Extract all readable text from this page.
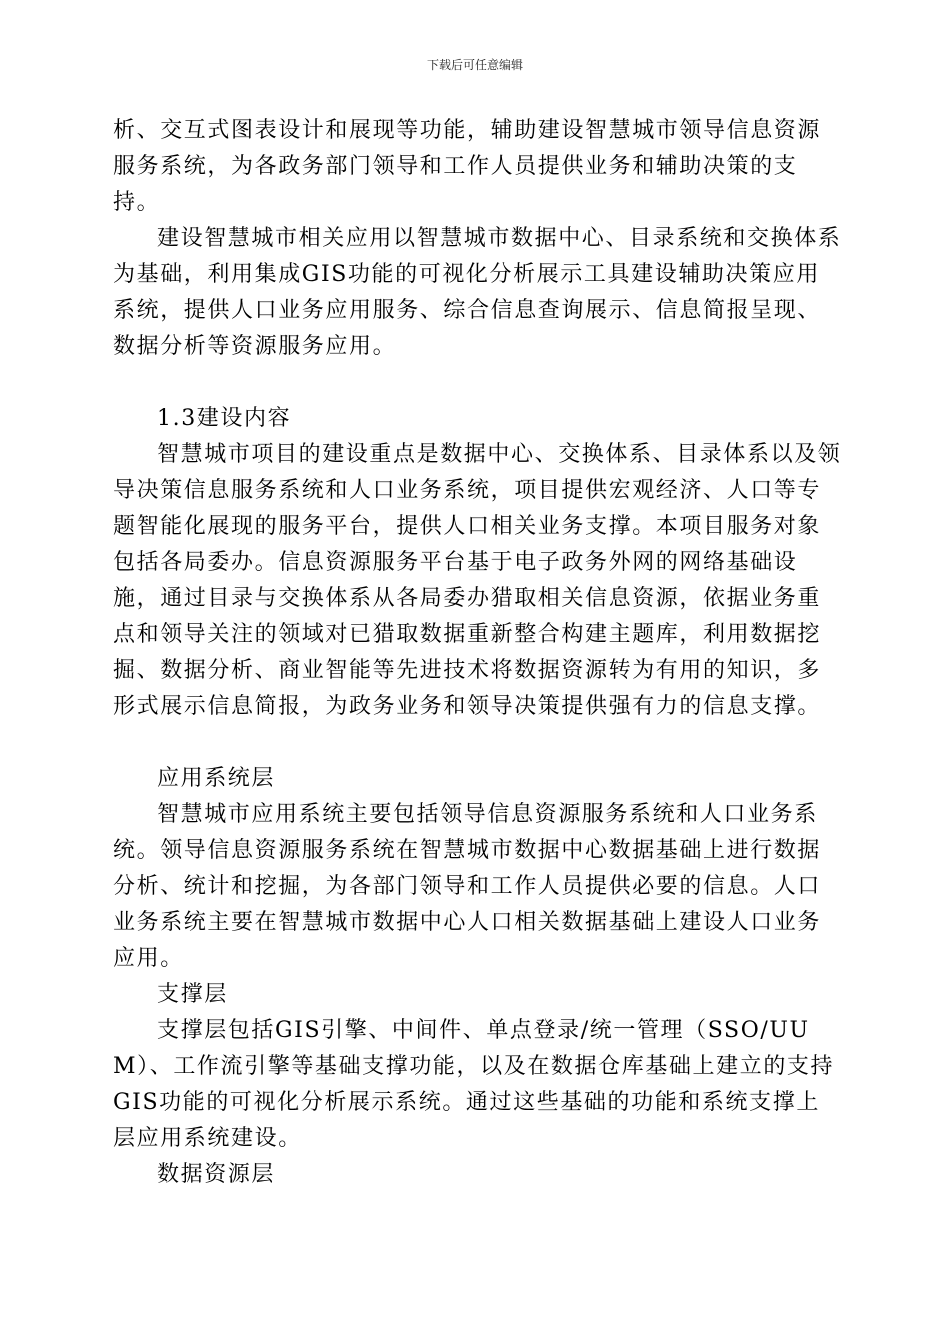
下载后可任意编辑

析、交互式图表设计和展现等功能，辅助建设智慧城市领导信息资源服务系统，为各政务部门领导和工作人员提供业务和辅助决策的支持。

建设智慧城市相关应用以智慧城市数据中心、目录系统和交换体系为基础，利用集成GIS功能的可视化分析展示工具建设辅助决策应用系统，提供人口业务应用服务、综合信息查询展示、信息简报呈现、数据分析等资源服务应用。

1.3建设内容

智慧城市项目的建设重点是数据中心、交换体系、目录体系以及领导决策信息服务系统和人口业务系统，项目提供宏观经济、人口等专题智能化展现的服务平台，提供人口相关业务支撑。本项目服务对象包括各局委办。信息资源服务平台基于电子政务外网的网络基础设施，通过目录与交换体系从各局委办猎取相关信息资源，依据业务重点和领导关注的领域对已猎取数据重新整合构建主题库，利用数据挖掘、数据分析、商业智能等先进技术将数据资源转为有用的知识，多形式展示信息简报，为政务业务和领导决策提供强有力的信息支撑。

应用系统层

智慧城市应用系统主要包括领导信息资源服务系统和人口业务系统。领导信息资源服务系统在智慧城市数据中心数据基础上进行数据分析、统计和挖掘，为各部门领导和工作人员提供必要的信息。人口业务系统主要在智慧城市数据中心人口相关数据基础上建设人口业务应用。

支撑层

支撑层包括GIS引擎、中间件、单点登录/统一管理（SSO/UUM）、工作流引擎等基础支撑功能，以及在数据仓库基础上建立的支持GIS功能的可视化分析展示系统。通过这些基础的功能和系统支撑上层应用系统建设。

数据资源层
